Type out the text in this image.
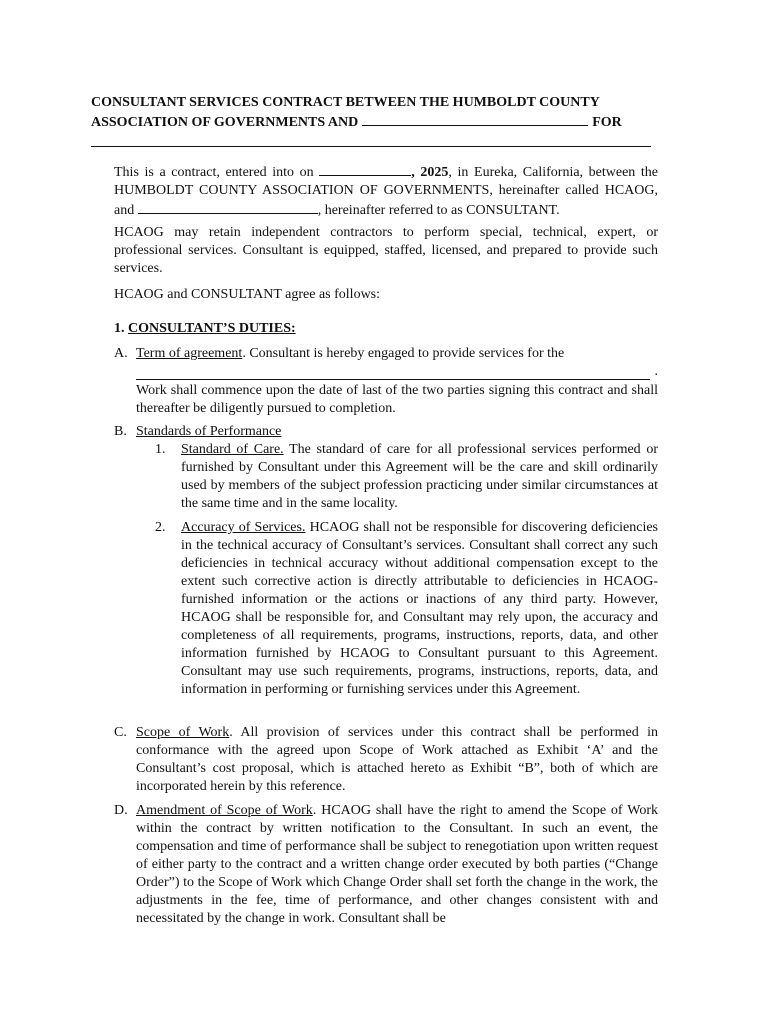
CONSULTANT SERVICES CONTRACT BETWEEN THE HUMBOLDT COUNTY
ASSOCIATION OF GOVERNMENTS AND	FOR
This is a contract, entered into on	, 2025, in Eureka, California, between the HUMBOLDT COUNTY ASSOCIATION OF GOVERNMENTS, hereinafter called HCAOG, and	, hereinafter referred to as CONSULTANT.
HCAOG may retain independent contractors to perform special, technical, expert, or professional services. Consultant is equipped, staffed, licensed, and prepared to provide such services.
HCAOG and CONSULTANT agree as follows:
1. CONSULTANT’S DUTIES:
A. Term of agreement. Consultant is hereby engaged to provide services for the
.
Work shall commence upon the date of last of the two parties signing this contract and shall thereafter be diligently pursued to completion.
B. Standards of Performance
1. Standard of Care. The standard of care for all professional services performed or furnished by Consultant under this Agreement will be the care and skill ordinarily used by members of the subject profession practicing under similar circumstances at the same time and in the same locality.
2. Accuracy of Services. HCAOG shall not be responsible for discovering deficiencies in the technical accuracy of Consultant’s services. Consultant shall correct any such deficiencies in technical accuracy without additional compensation except to the extent such corrective action is directly attributable to deficiencies in HCAOG-furnished information or the actions or inactions of any third party. However, HCAOG shall be responsible for, and Consultant may rely upon, the accuracy and completeness of all requirements, programs, instructions, reports, data, and other information furnished by HCAOG to Consultant pursuant to this Agreement. Consultant may use such requirements, programs, instructions, reports, data, and information in performing or furnishing services under this Agreement.
C. Scope of Work. All provision of services under this contract shall be performed in conformance with the agreed upon Scope of Work attached as Exhibit ‘A’ and the Consultant’s cost proposal, which is attached hereto as Exhibit “B”, both of which are incorporated herein by this reference.
D. Amendment of Scope of Work. HCAOG shall have the right to amend the Scope of Work within the contract by written notification to the Consultant. In such an event, the compensation and time of performance shall be subject to renegotiation upon written request of either party to the contract and a written change order executed by both parties (“Change Order”) to the Scope of Work which Change Order shall set forth the change in the work, the adjustments in the fee, time of performance, and other changes consistent with and necessitated by the change in work. Consultant shall be
